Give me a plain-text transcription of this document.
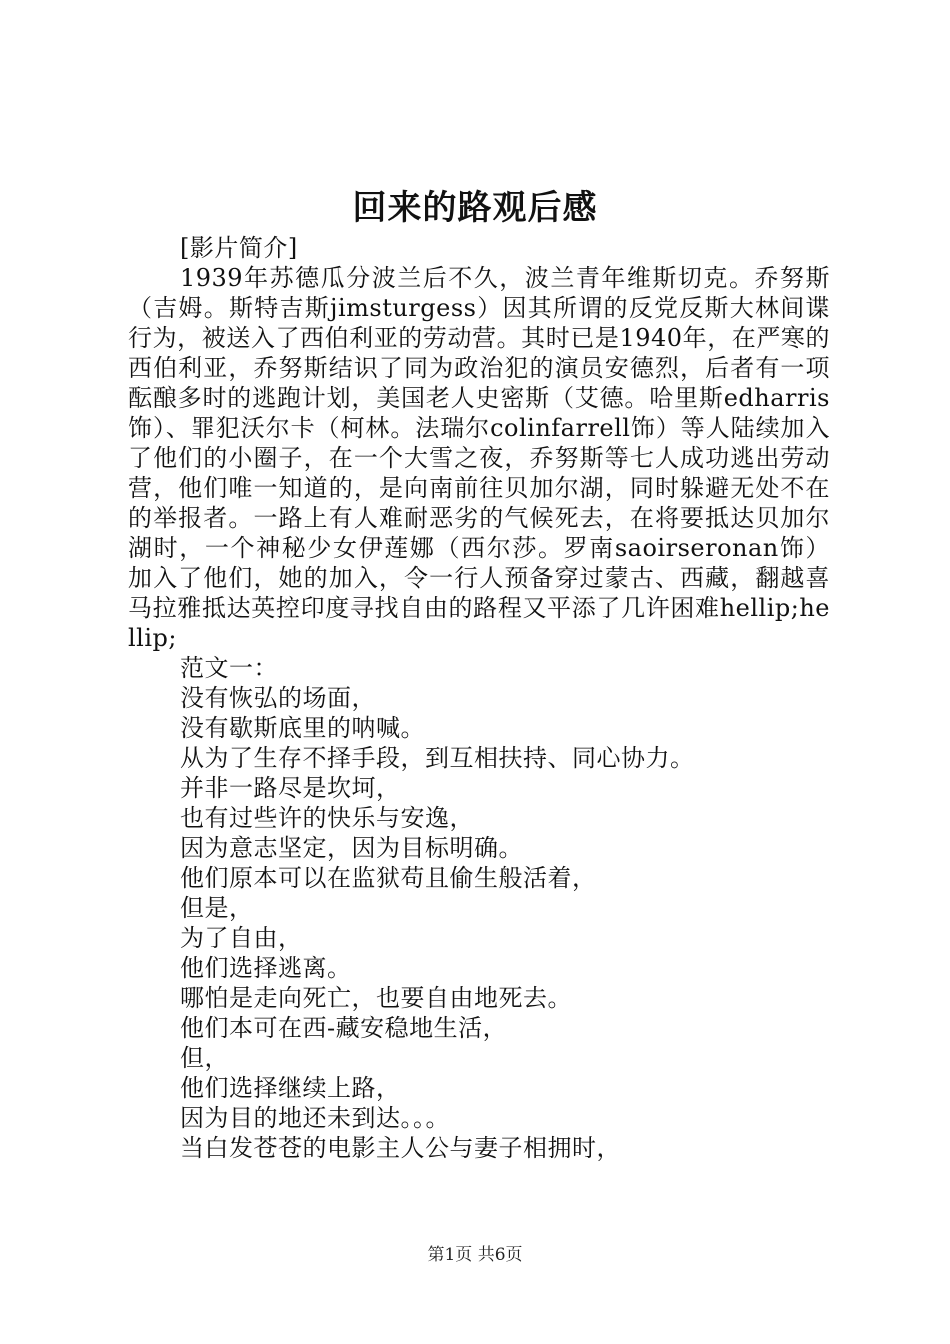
回来的路观后感

[影片简介]

1939年苏德瓜分波兰后不久，波兰青年维斯切克。乔努斯（吉姆。斯特吉斯jimsturgess）因其所谓的反党反斯大林间谍行为，被送入了西伯利亚的劳动营。其时已是1940年，在严寒的西伯利亚，乔努斯结识了同为政治犯的演员安德烈，后者有一项酝酿多时的逃跑计划，美国老人史密斯（艾德。哈里斯edharris饰）、罪犯沃尔卡（柯林。法瑞尔colinfarrell饰）等人陆续加入了他们的小圈子，在一个大雪之夜，乔努斯等七人成功逃出劳动营，他们唯一知道的，是向南前往贝加尔湖，同时躲避无处不在的举报者。一路上有人难耐恶劣的气候死去，在将要抵达贝加尔湖时，一个神秘少女伊莲娜（西尔莎。罗南saoirseronan饰）加入了他们，她的加入，令一行人预备穿过蒙古、西藏，翻越喜马拉雅抵达英控印度寻找自由的路程又平添了几许困难hellip;hellip;

范文一：

没有恢弘的场面，

没有歇斯底里的呐喊。

从为了生存不择手段，到互相扶持、同心协力。

并非一路尽是坎坷，

也有过些许的快乐与安逸，

因为意志坚定，因为目标明确。

他们原本可以在监狱苟且偷生般活着，

但是，

为了自由，

他们选择逃离。

哪怕是走向死亡，也要自由地死去。

他们本可在西-藏安稳地生活，

但，

他们选择继续上路，

因为目的地还未到达。。。

当白发苍苍的电影主人公与妻子相拥时，

第1页 共6页
